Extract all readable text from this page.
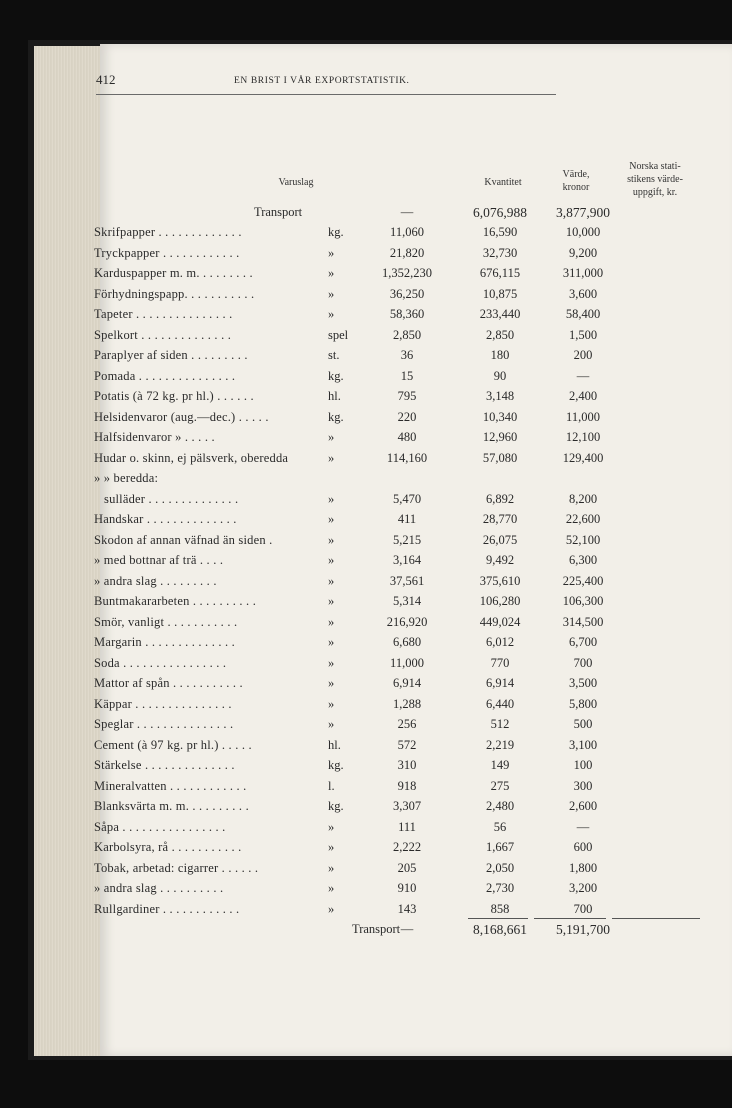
412	EN BRIST I VÅR EXPORTSTATISTIK.
Varuslag	Kvantitet
Värde,
kronor
Norska stati-
stikens värde-
uppgift, kr.
Transport	—	6,076,988	3,877,900
Skrifpapper . . . . . . . . . . . . .	kg.	11,060	16,590	10,000
Tryckpapper . . . . . . . . . . . .	»	21,820	32,730	9,200
Karduspapper m. m. . . . . . . . .	»	1,352,230	676,115	311,000
Förhydningspapp. . . . . . . . . . .	»	36,250	10,875	3,600
Tapeter . . . . . . . . . . . . . . .	»	58,360	233,440	58,400
Spelkort . . . . . . . . . . . . . .	spel	2,850	2,850	1,500
Paraplyer af siden . . . . . . . . .	st.	36	180	200
Pomada . . . . . . . . . . . . . . .	kg.	15	90	—
Potatis (à 72 kg. pr hl.) . . . . . .	hl.	795	3,148	2,400
Helsidenvaror (aug.—dec.) . . . . .	kg.	220	10,340	11,000
Halfsidenvaror » . . . . .	»	480	12,960	12,100
Hudar o. skinn, ej pälsverk, oberedda	»	114,160	57,080	129,400
» » beredda:
sulläder . . . . . . . . . . . . . .	»	5,470	6,892	8,200
Handskar . . . . . . . . . . . . . .	»	411	28,770	22,600
Skodon af annan väfnad än siden .	»	5,215	26,075	52,100
» med bottnar af trä . . . .	»	3,164	9,492	6,300
» andra slag . . . . . . . . .	»	37,561	375,610	225,400
Buntmakararbeten . . . . . . . . . .	»	5,314	106,280	106,300
Smör, vanligt . . . . . . . . . . .	»	216,920	449,024	314,500
Margarin . . . . . . . . . . . . . .	»	6,680	6,012	6,700
Soda . . . . . . . . . . . . . . . .	»	11,000	770	700
Mattor af spån . . . . . . . . . . .	»	6,914	6,914	3,500
Käppar . . . . . . . . . . . . . . .	»	1,288	6,440	5,800
Speglar . . . . . . . . . . . . . . .	»	256	512	500
Cement (à 97 kg. pr hl.) . . . . .	hl.	572	2,219	3,100
Stärkelse . . . . . . . . . . . . . .	kg.	310	149	100
Mineralvatten . . . . . . . . . . . .	l.	918	275	300
Blanksvärta m. m. . . . . . . . . .	kg.	3,307	2,480	2,600
Såpa . . . . . . . . . . . . . . . .	»	111	56	—
Karbolsyra, rå . . . . . . . . . . .	»	2,222	1,667	600
Tobak, arbetad: cigarrer . . . . . .	»	205	2,050	1,800
» andra slag . . . . . . . . . .	»	910	2,730	3,200
Rullgardiner . . . . . . . . . . . .	»	143	858	700
Transport —	8,168,661	5,191,700
